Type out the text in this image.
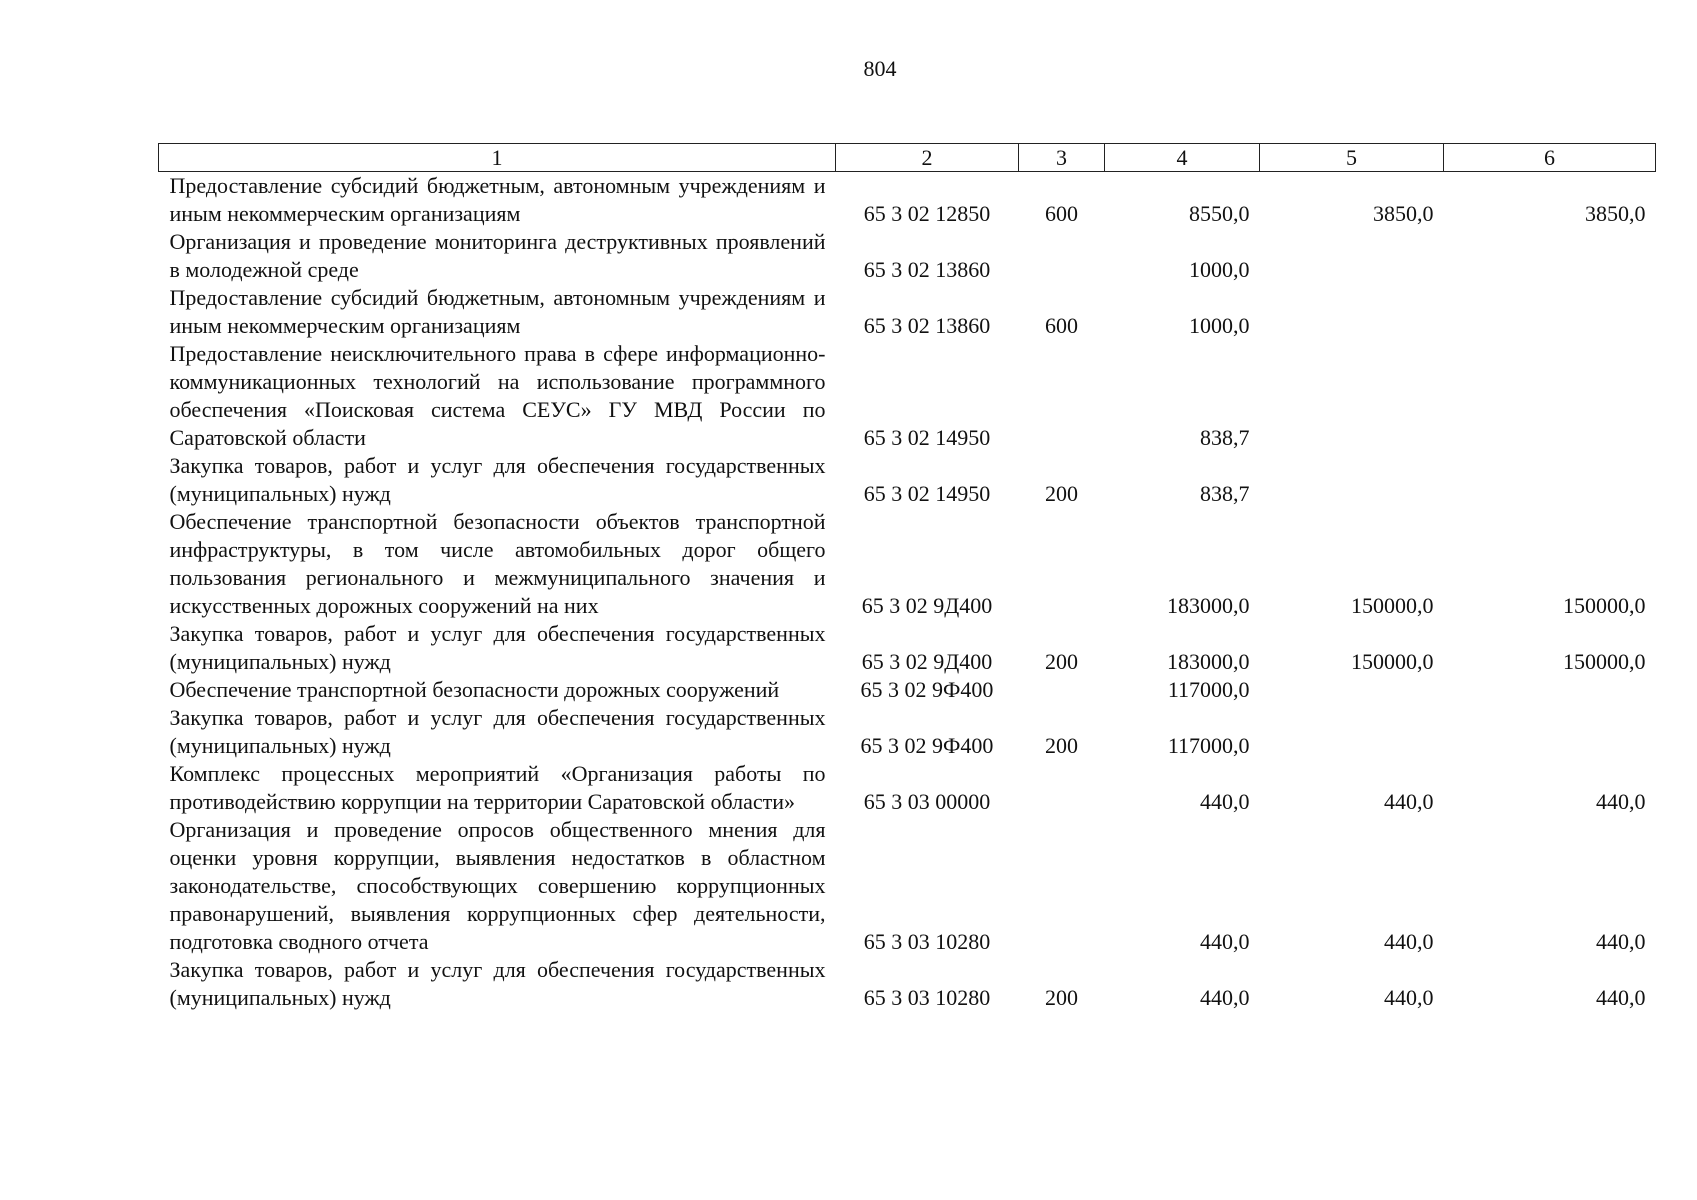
804
1	2	3	4	5	6
Предоставление субсидий бюджетным, автономным учреждениям и иным некоммерческим организациям	65 3 02 12850	600	8550,0	3850,0	3850,0
Организация и проведение мониторинга деструктивных проявлений в молодежной среде	65 3 02 13860		1000,0		
Предоставление субсидий бюджетным, автономным учреждениям и иным некоммерческим организациям	65 3 02 13860	600	1000,0		
Предоставление неисключительного права в сфере информационно-коммуникационных технологий на использование программного обеспечения «Поисковая система СЕУС» ГУ МВД России по Саратовской области	65 3 02 14950		838,7		
Закупка товаров, работ и услуг для обеспечения государственных (муниципальных) нужд	65 3 02 14950	200	838,7		
Обеспечение транспортной безопасности объектов транспортной инфраструктуры, в том числе автомобильных дорог общего пользования регионального и межмуниципального значения и искусственных дорожных сооружений на них	65 3 02 9Д400		183000,0	150000,0	150000,0
Закупка товаров, работ и услуг для обеспечения государственных (муниципальных) нужд	65 3 02 9Д400	200	183000,0	150000,0	150000,0
Обеспечение транспортной безопасности дорожных сооружений	65 3 02 9Ф400		117000,0		
Закупка товаров, работ и услуг для обеспечения государственных (муниципальных) нужд	65 3 02 9Ф400	200	117000,0		
Комплекс процессных мероприятий «Организация работы по противодействию коррупции на территории Саратовской области»	65 3 03 00000		440,0	440,0	440,0
Организация и проведение опросов общественного мнения для оценки уровня коррупции, выявления недостатков в областном законодательстве, способствующих совершению коррупционных правонарушений, выявления коррупционных сфер деятельности, подготовка сводного отчета	65 3 03 10280		440,0	440,0	440,0
Закупка товаров, работ и услуг для обеспечения государственных (муниципальных) нужд	65 3 03 10280	200	440,0	440,0	440,0
